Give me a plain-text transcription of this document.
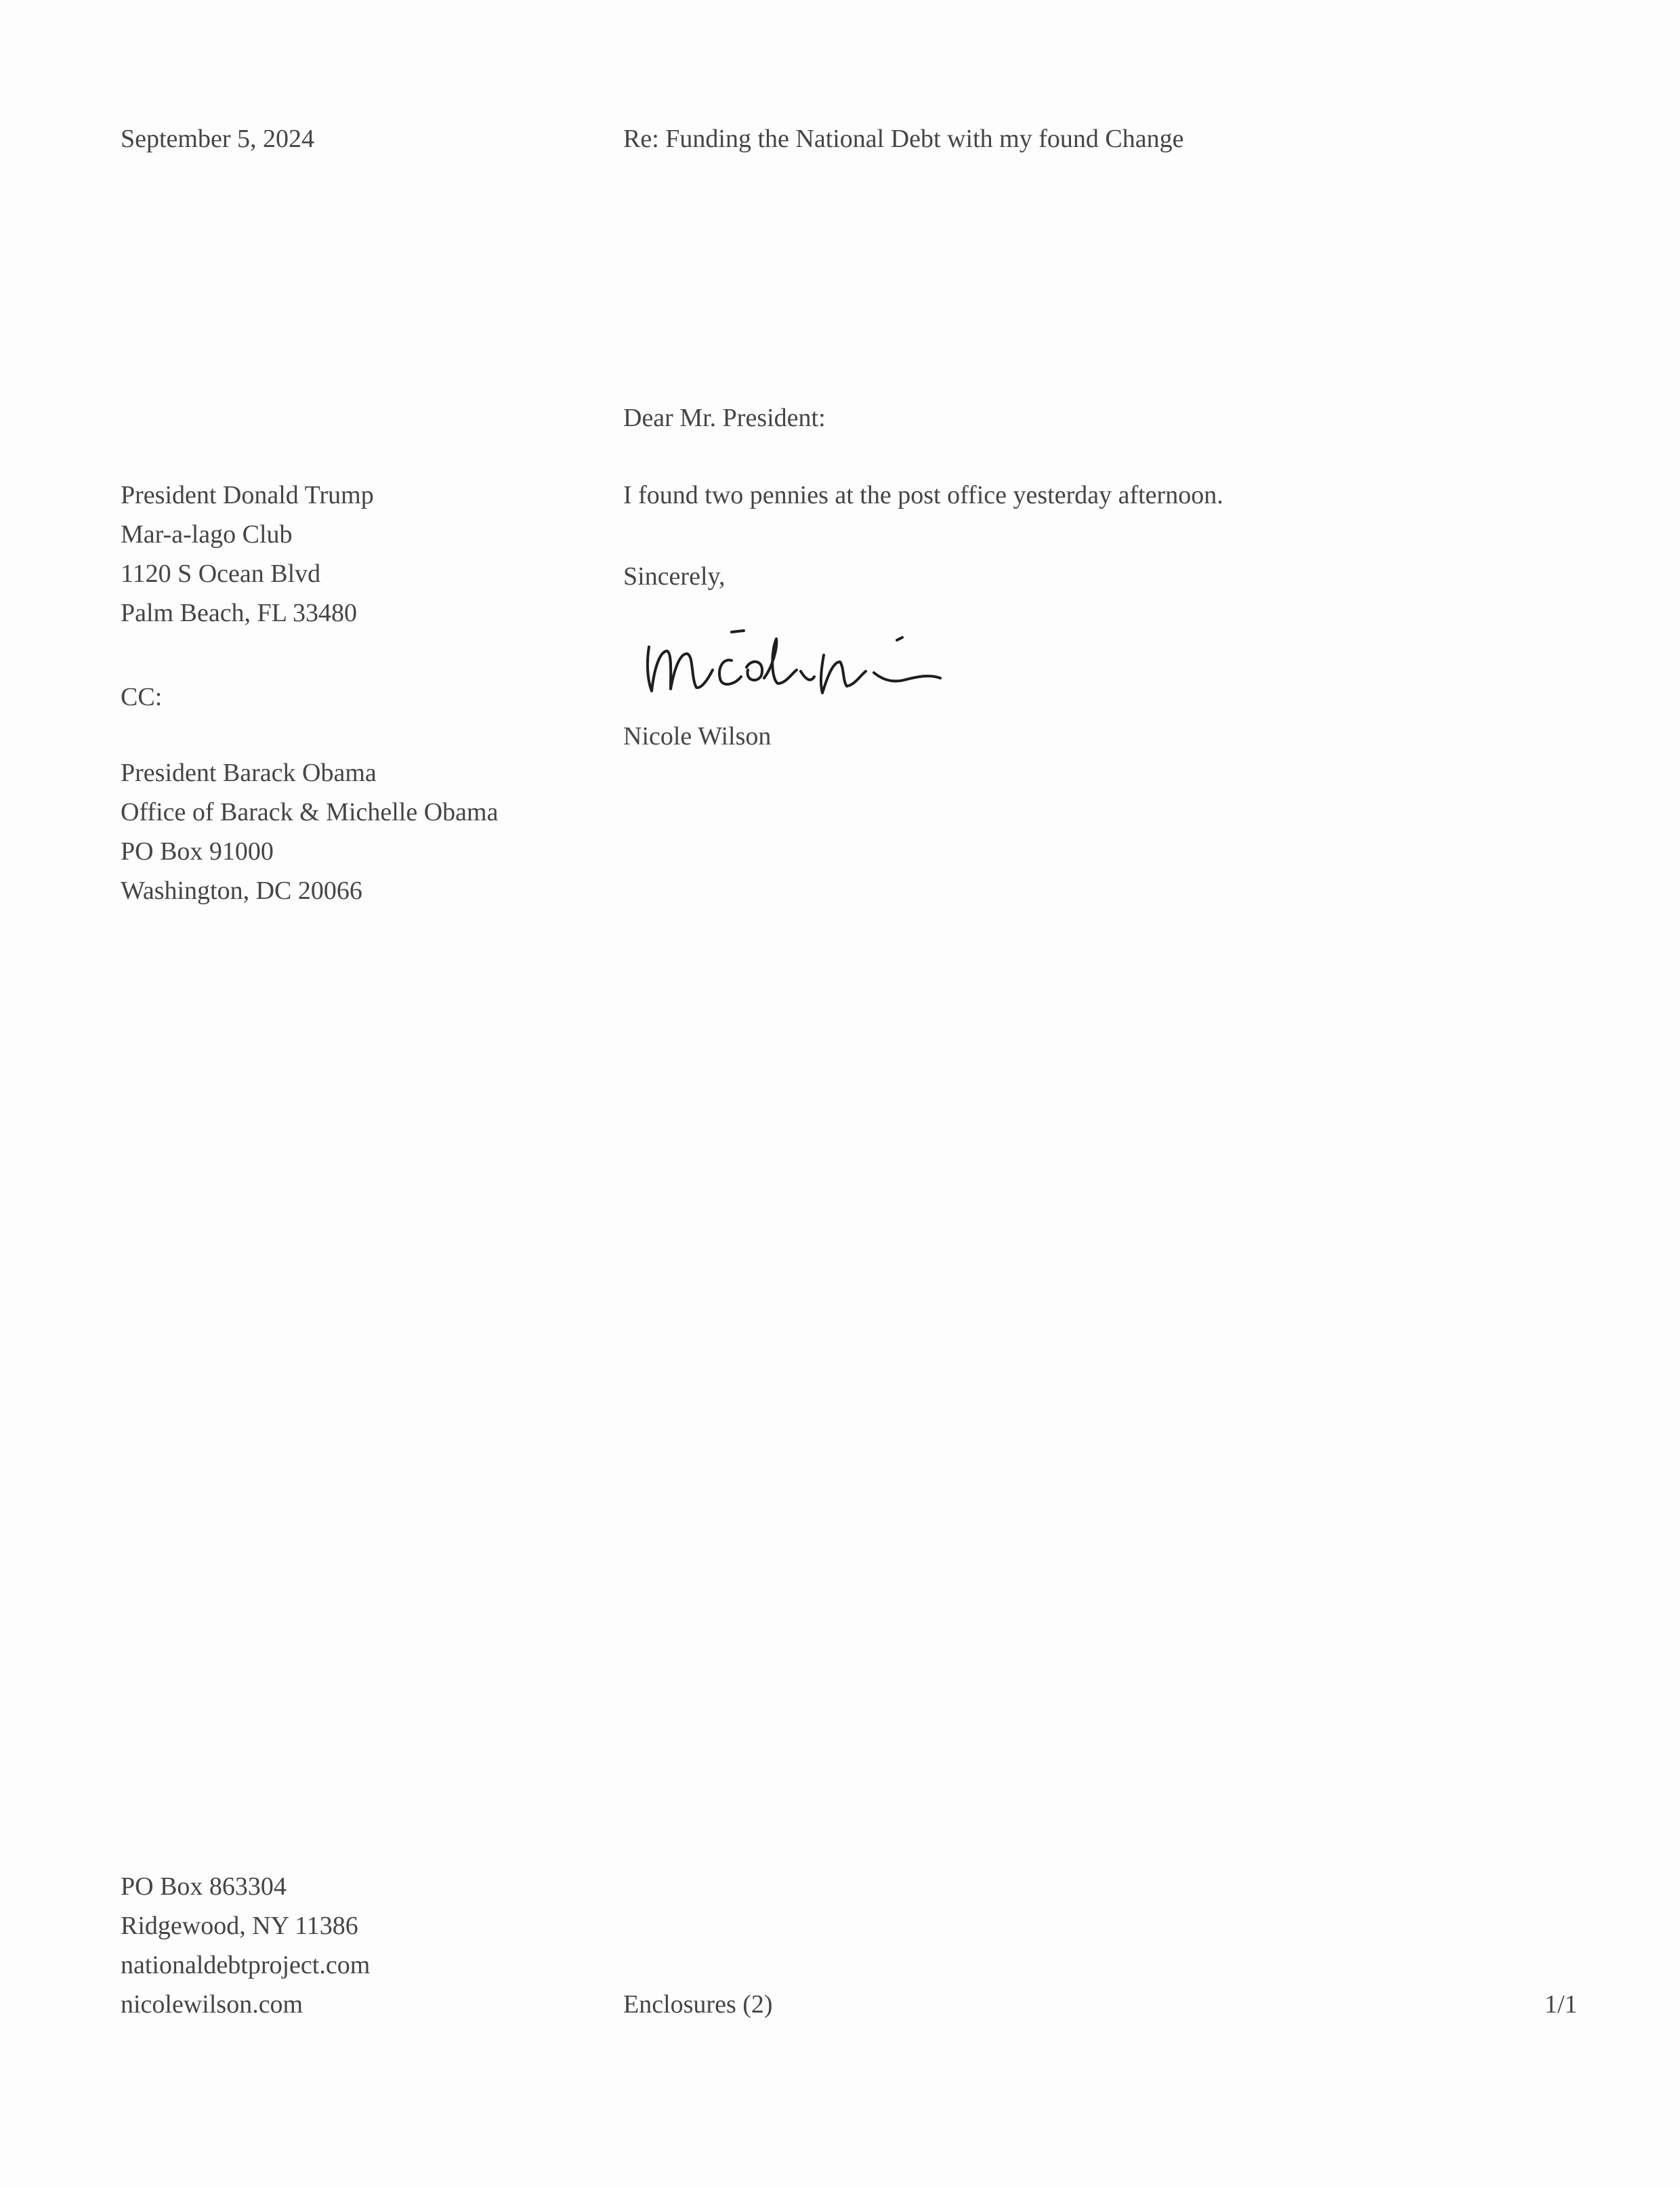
September 5, 2024	Re: Funding the National Debt with my found Change
Dear Mr. President:
President Donald Trump
Mar-a-lago Club
1120 S Ocean Blvd
Palm Beach, FL 33480
I found two pennies at the post office yesterday afternoon.
Sincerely,
Nicole Wilson
CC:
President Barack Obama
Office of Barack & Michelle Obama
PO Box 91000
Washington, DC 20066
PO Box 863304
Ridgewood, NY 11386
nationaldebtproject.com
nicolewilson.com	Enclosures (2)	1/1
